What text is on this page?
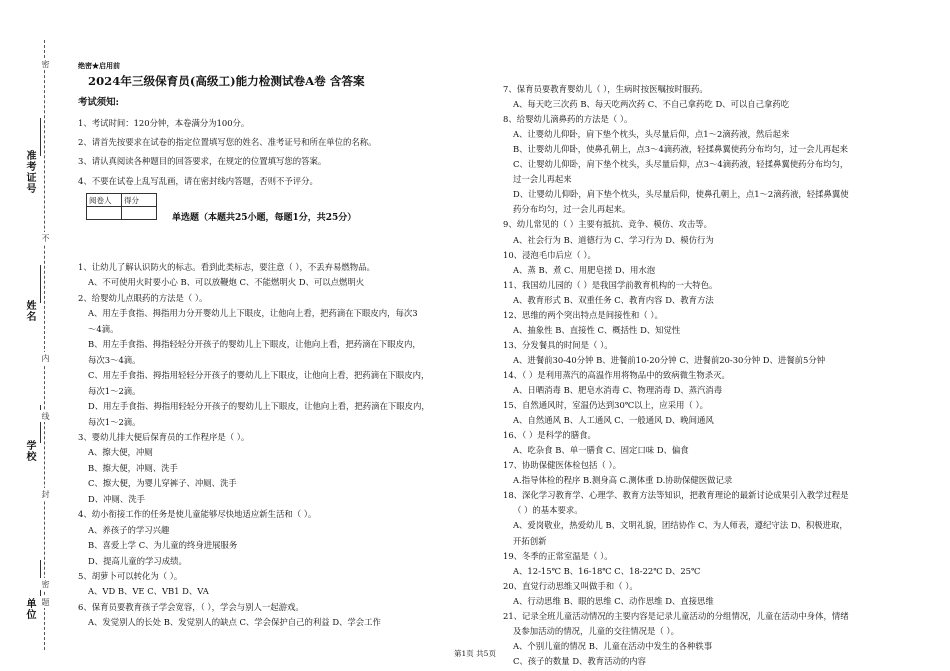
准考证号
姓名
学校
单位
密
不
内
线
封
密
题
绝密★启用前
2024年三级保育员(高级工)能力检测试卷A卷 含答案
考试须知:
1、考试时间：120分钟，本卷满分为100分。
2、请首先按要求在试卷的指定位置填写您的姓名、准考证号和所在单位的名称。
3、请认真阅读各种题目的回答要求，在规定的位置填写您的答案。
4、不要在试卷上乱写乱画，请在密封线内答题，否则不予评分。
阅卷人	得分

单选题（本题共25小题，每题1分，共25分）
1、让幼儿了解认识防火的标志。看到此类标志，要注意（ ），不丢弃易燃物品。
A、不可使用火时要小心 B、可以放鞭炮 C、不能燃明火 D、可以点燃明火
2、给婴幼儿点眼药的方法是（ ）。
A、用左手食指、拇指用力分开婴幼儿上下眼皮，让他向上看，把药滴在下眼皮内，每次3
～4滴。
B、用左手食指、拇指轻轻分开孩子的婴幼儿上下眼皮，让他向上看，把药滴在下眼皮内，
每次3～4滴。
C、用左手食指、拇指用轻轻分开孩子的婴幼儿上下眼皮，让他向上看，把药滴在下眼皮内，
每次1～2滴。
D、用左手食指、拇指用轻轻分开孩子的婴幼儿上下眼皮，让他向上看，把药滴在下眼皮内，
每次1～2滴。
3、婴幼儿排大便后保育员的工作程序是（ ）。
A、擦大便，冲厕
B、擦大便，冲厕、洗手
C、擦大便，为婴儿穿裤子、冲厕、洗手
D、冲厕、洗手
4、幼小衔接工作的任务是使儿童能够尽快地适应新生活和（ ）。
A、养孩子的学习兴趣
B、喜爱上学 C、为儿童的终身进展服务
D、提高儿童的学习成绩。
5、胡萝卜可以转化为（ ）。
A、VD B、VE C、VB1 D、VA
6、保育员要教育孩子学会宽容，（ ），学会与别人一起游戏。
A、发觉别人的长处 B、发觉别人的缺点 C、学会保护自己的利益 D、学会工作
7、保育员要教育婴幼儿（ ），生病时按医嘱按时服药。
A、每天吃三次药 B、每天吃两次药 C、不自己拿药吃 D、可以自己拿药吃
8、给婴幼儿滴鼻药的方法是（ ）。
A、让婴幼儿仰卧，肩下垫个枕头，头尽量后仰，点1～2滴药液，然后起来
B、让婴幼儿仰卧，使鼻孔朝上，点3～4滴药液，轻揉鼻翼使药分布均匀，过一会儿再起来
C、让婴幼儿仰卧，肩下垫个枕头，头尽量后仰，点3～4滴药液，轻揉鼻翼使药分布均匀，
过一会儿再起来
D、让婴幼儿仰卧，肩下垫个枕头，头尽量后仰，使鼻孔朝上，点1～2滴药液，轻揉鼻翼使
药分布均匀，过一会儿再起来。
9、幼儿常见的（ ）主要有抵抗、竞争、模仿、攻击等。
A、社会行为 B、道德行为 C、学习行为 D、模仿行为
10、浸泡毛巾后应（ ）。
A、蒸 B、煮 C、用肥皂搓 D、用水泡
11、我国幼儿园的（ ）是我国学前教育机构的一大特色。
A、教育形式 B、双重任务 C、教育内容 D、教育方法
12、思维的两个突出特点是间接性和（ ）。
A、抽象性 B、直接性 C、概括性 D、知觉性
13、分发餐具的时间是（ ）。
A、进餐前30-40分钟 B、进餐前10-20分钟 C、进餐前20-30分钟 D、进餐前5分钟
14、（ ）是利用蒸汽的高温作用将物品中的致病微生物杀灭。
A、日晒消毒 B、肥皂水消毒 C、物理消毒 D、蒸汽消毒
15、自然通风时，室温仍达到30℃以上，应采用（ ）。
A、自然通风 B、人工通风 C、一般通风 D、晚间通风
16、（ ）是科学的膳食。
A、吃杂食 B、单一膳食 C、固定口味 D、偏食
17、协助保健医体检包括（ ）。
A.指导体检的程序 B.测身高 C.测体重 D.协助保健医做记录
18、深化学习教育学、心理学、教育方法等知识，把教育理论的最新讨论成果引入教学过程是
（ ）的基本要求。
A、爱岗敬业，热爱幼儿 B、文明礼貌，团结协作 C、为人师表，遵纪守法 D、积极进取，
开拓创新
19、冬季的正常室温是（ ）。
A、12-15℃ B、16-18℃ C、18-22℃ D、25℃
20、直觉行动思维又叫做手和（ ）。
A、行动思维 B、眼的思维 C、动作思维 D、直接思维
21、记录全班儿童活动情况的主要内容是记录儿童活动的分组情况，儿童在活动中身体，情绪
及参加活动的情况，儿童的交往情况是（ ）。
A、个别儿童的情况 B、儿童在活动中发生的各种轶事
C、孩子的数量 D、教育活动的内容
第1页 共5页
